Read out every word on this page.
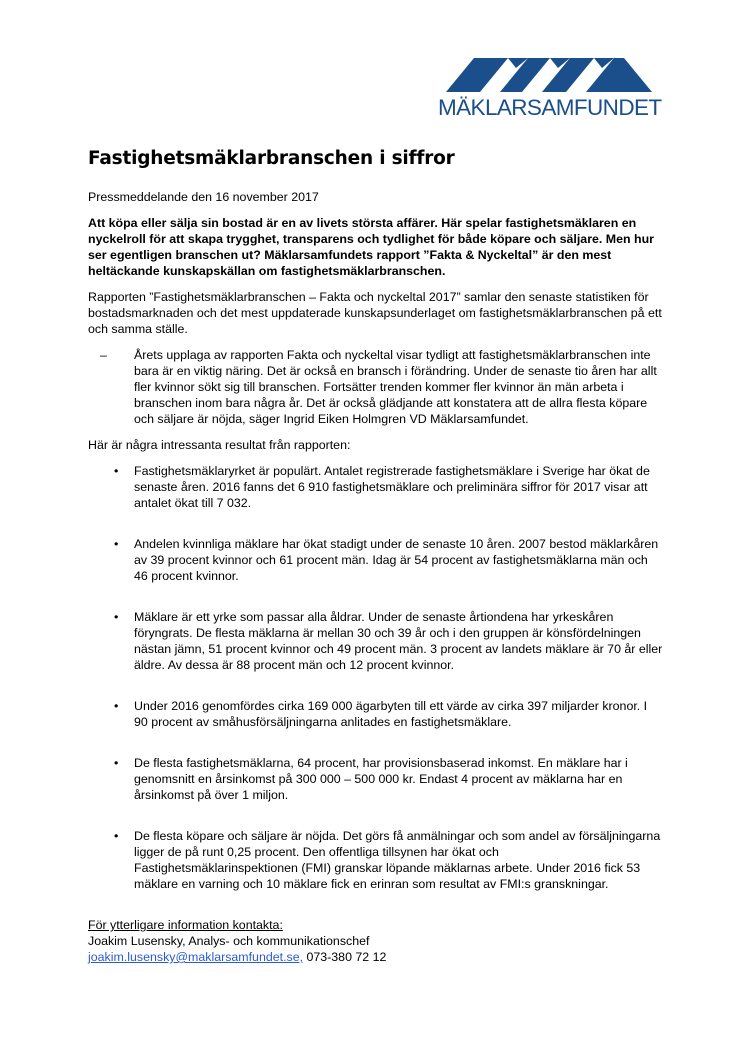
MÄKLARSAMFUNDET
Fastighetsmäklarbranschen i siffror

Pressmeddelande den 16 november 2017

Att köpa eller sälja sin bostad är en av livets största affärer. Här spelar fastighetsmäklaren en nyckelroll för att skapa trygghet, transparens och tydlighet för både köpare och säljare. Men hur ser egentligen branschen ut? Mäklarsamfundets rapport ”Fakta & Nyckeltal” är den mest heltäckande kunskapskällan om fastighetsmäklarbranschen.

Rapporten ”Fastighetsmäklarbranschen – Fakta och nyckeltal 2017” samlar den senaste statistiken för bostadsmarknaden och det mest uppdaterade kunskapsunderlaget om fastighetsmäklarbranschen på ett och samma ställe.

– Årets upplaga av rapporten Fakta och nyckeltal visar tydligt att fastighetsmäklarbranschen inte bara är en viktig näring. Det är också en bransch i förändring. Under de senaste tio åren har allt fler kvinnor sökt sig till branschen. Fortsätter trenden kommer fler kvinnor än män arbeta i branschen inom bara några år. Det är också glädjande att konstatera att de allra flesta köpare och säljare är nöjda, säger Ingrid Eiken Holmgren VD Mäklarsamfundet.

Här är några intressanta resultat från rapporten:

• Fastighetsmäklaryrket är populärt. Antalet registrerade fastighetsmäklare i Sverige har ökat de senaste åren. 2016 fanns det 6 910 fastighetsmäklare och preliminära siffror för 2017 visar att antalet ökat till 7 032.
• Andelen kvinnliga mäklare har ökat stadigt under de senaste 10 åren. 2007 bestod mäklarkåren av 39 procent kvinnor och 61 procent män. Idag är 54 procent av fastighetsmäklarna män och 46 procent kvinnor.
• Mäklare är ett yrke som passar alla åldrar. Under de senaste årtiondena har yrkeskåren föryngrats. De flesta mäklarna är mellan 30 och 39 år och i den gruppen är könsfördelningen nästan jämn, 51 procent kvinnor och 49 procent män. 3 procent av landets mäklare är 70 år eller äldre. Av dessa är 88 procent män och 12 procent kvinnor.
• Under 2016 genomfördes cirka 169 000 ägarbyten till ett värde av cirka 397 miljarder kronor. I 90 procent av småhusförsäljningarna anlitades en fastighetsmäklare.
• De flesta fastighetsmäklarna, 64 procent, har provisionsbaserad inkomst. En mäklare har i genomsnitt en årsinkomst på 300 000 – 500 000 kr. Endast 4 procent av mäklarna har en årsinkomst på över 1 miljon.
• De flesta köpare och säljare är nöjda. Det görs få anmälningar och som andel av försäljningarna ligger de på runt 0,25 procent. Den offentliga tillsynen har ökat och Fastighetsmäklarinspektionen (FMI) granskar löpande mäklarnas arbete. Under 2016 fick 53 mäklare en varning och 10 mäklare fick en erinran som resultat av FMI:s granskningar.
För ytterligare information kontakta:
Joakim Lusensky, Analys- och kommunikationschef
joakim.lusensky@maklarsamfundet.se, 073-380 72 12
